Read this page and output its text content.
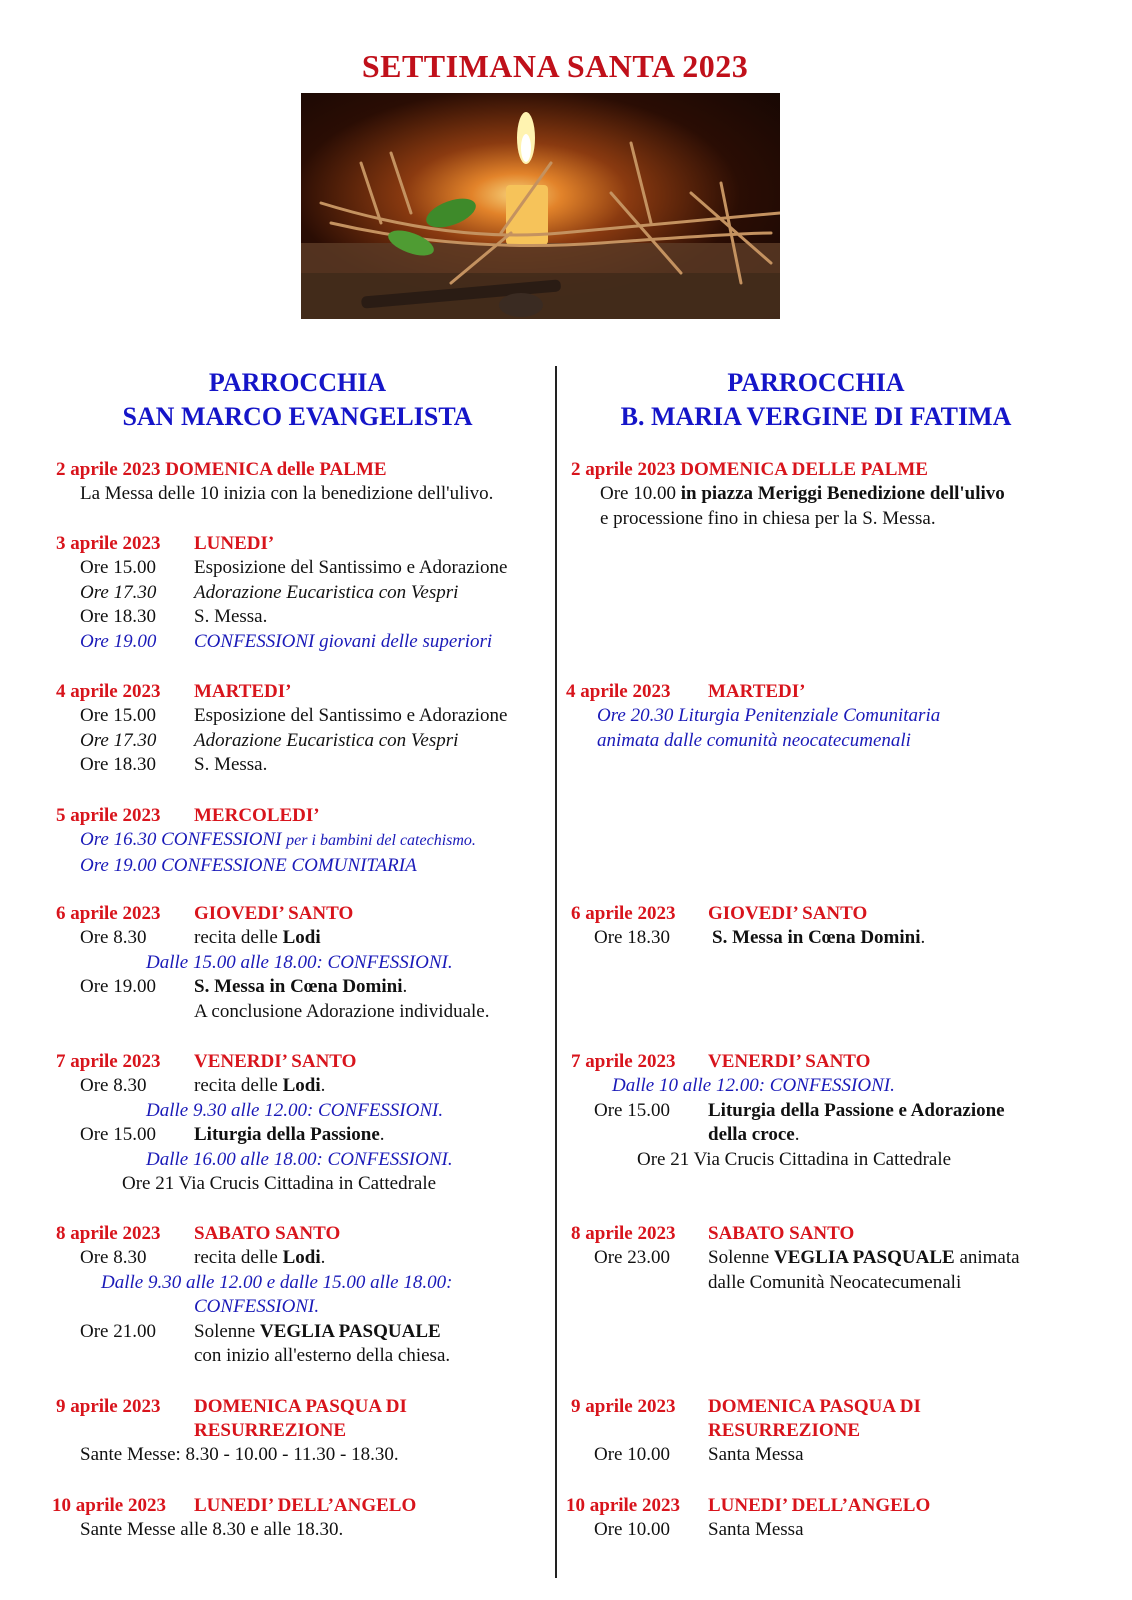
SETTIMANA SANTA 2023
PARROCCHIA
SAN MARCO EVANGELISTA
2 aprile 2023 DOMENICA delle PALME
La Messa delle 10 inizia con la benedizione dell'ulivo.
3 aprile 2023 LUNEDI’
Ore 15.00 Esposizione del Santissimo e Adorazione
Ore 17.30 Adorazione Eucaristica con Vespri
Ore 18.30 S. Messa.
Ore 19.00 CONFESSIONI giovani delle superiori
4 aprile 2023 MARTEDI’
Ore 15.00 Esposizione del Santissimo e Adorazione
Ore 17.30 Adorazione Eucaristica con Vespri
Ore 18.30 S. Messa.
5 aprile 2023 MERCOLEDI’
Ore 16.30 CONFESSIONI per i bambini del catechismo.
Ore 19.00 CONFESSIONE COMUNITARIA
6 aprile 2023 GIOVEDI’ SANTO
Ore 8.30	recita delle Lodi
Dalle 15.00 alle 18.00: CONFESSIONI.
Ore 19.00 S. Messa in Cœna Domini.
A conclusione Adorazione individuale.
7 aprile 2023 VENERDI’ SANTO
Ore 8.30	recita delle Lodi.
Dalle 9.30 alle 12.00: CONFESSIONI.
Ore 15.00 Liturgia della Passione.
Dalle 16.00 alle 18.00: CONFESSIONI.
Ore 21 Via Crucis Cittadina in Cattedrale
8 aprile 2023 SABATO SANTO
Ore 8.30	recita delle Lodi.
Dalle 9.30 alle 12.00 e dalle 15.00 alle 18.00:
CONFESSIONI.
Ore 21.00 Solenne VEGLIA PASQUALE
con inizio all'esterno della chiesa.
9 aprile 2023 DOMENICA PASQUA DI
RESURREZIONE
Sante Messe: 8.30 - 10.00 - 11.30 - 18.30.
10 aprile 2023 LUNEDI’ DELL’ANGELO
Sante Messe alle 8.30 e alle 18.30.
PARROCCHIA
B. MARIA VERGINE DI FATIMA
2 aprile 2023 DOMENICA DELLE PALME
Ore 10.00 in piazza Meriggi Benedizione dell'ulivo
e processione fino in chiesa per la S. Messa.
4 aprile 2023 MARTEDI’
Ore 20.30 Liturgia Penitenziale Comunitaria
animata dalle comunità neocatecumenali
6 aprile 2023 GIOVEDI’ SANTO
Ore 18.30 S. Messa in Cœna Domini.
7 aprile 2023 VENERDI’ SANTO
Dalle 10 alle 12.00: CONFESSIONI.
Ore 15.00 Liturgia della Passione e Adorazione
della croce.
Ore 21 Via Crucis Cittadina in Cattedrale
8 aprile 2023 SABATO SANTO
Ore 23.00 Solenne VEGLIA PASQUALE animata
dalle Comunità Neocatecumenali
9 aprile 2023 DOMENICA PASQUA DI
RESURREZIONE
Ore 10.00 Santa Messa
10 aprile 2023 LUNEDI’ DELL’ANGELO
Ore 10.00 Santa Messa
